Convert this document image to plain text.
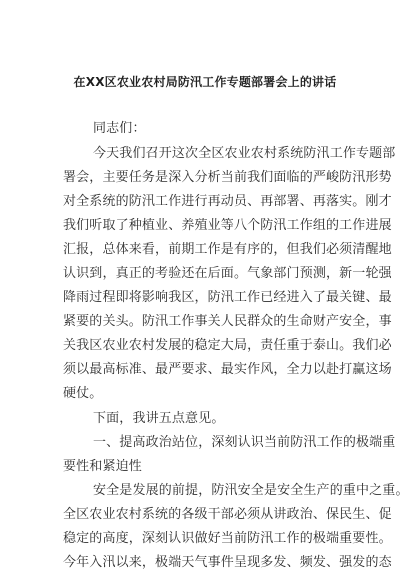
在XX区农业农村局防汛工作专题部署会上的讲话
同志们：
今天我们召开这次全区农业农村系统防汛工作专题部
署会，主要任务是深入分析当前我们面临的严峻防汛形势
对全系统的防汛工作进行再动员、再部署、再落实。刚才
我们听取了种植业、养殖业等八个防汛工作组的工作进展
汇报，总体来看，前期工作是有序的，但我们必须清醒地
认识到，真正的考验还在后面。气象部门预测，新一轮强
降雨过程即将影响我区，防汛工作已经进入了最关键、最
紧要的关头。防汛工作事关人民群众的生命财产安全，事
关我区农业农村发展的稳定大局，责任重于泰山。我们必
须以最高标准、最严要求、最实作风，全力以赴打赢这场
硬仗。
下面，我讲五点意见。
一、提高政治站位，深刻认识当前防汛工作的极端重
要性和紧迫性
安全是发展的前提，防汛安全是安全生产的重中之重。
全区农业农村系统的各级干部必须从讲政治、保民生、促
稳定的高度，深刻认识做好当前防汛工作的极端重要性。
今年入汛以来，极端天气事件呈现多发、频发、强发的态
